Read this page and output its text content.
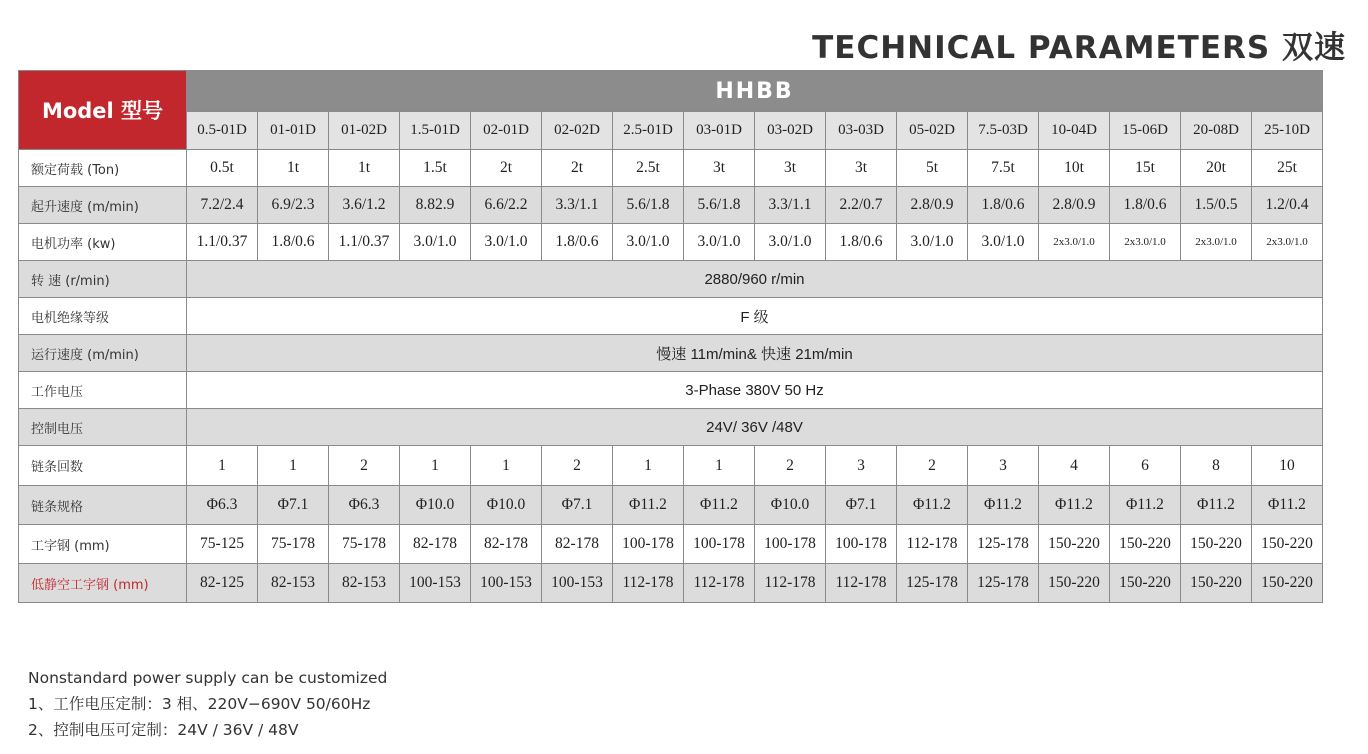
TECHNICAL PARAMETERS 双速
Model 型号	HHBB															
	0.5-01D	01-01D	01-02D	1.5-01D	02-01D	02-02D	2.5-01D	03-01D	03-02D	03-03D	05-02D	7.5-03D	10-04D	15-06D	20-08D	25-10D
额定荷载 (Ton)	0.5t	1t	1t	1.5t	2t	2t	2.5t	3t	3t	3t	5t	7.5t	10t	15t	20t	25t
起升速度 (m/min)	7.2/2.4	6.9/2.3	3.6/1.2	8.82.9	6.6/2.2	3.3/1.1	5.6/1.8	5.6/1.8	3.3/1.1	2.2/0.7	2.8/0.9	1.8/0.6	2.8/0.9	1.8/0.6	1.5/0.5	1.2/0.4
电机功率 (kw)	1.1/0.37	1.8/0.6	1.1/0.37	3.0/1.0	3.0/1.0	1.8/0.6	3.0/1.0	3.0/1.0	3.0/1.0	1.8/0.6	3.0/1.0	3.0/1.0	2x3.0/1.0	2x3.0/1.0	2x3.0/1.0	2x3.0/1.0
转 速 (r/min)	2880/960 r/min															
电机绝缘等级	F 级															
运行速度 (m/min)	慢速 11m/min& 快速 21m/min															
工作电压	3-Phase 380V 50 Hz															
控制电压	24V/ 36V /48V															
链条回数	1	1	2	1	1	2	1	1	2	3	2	3	4	6	8	10
链条规格	Φ6.3	Φ7.1	Φ6.3	Φ10.0	Φ10.0	Φ7.1	Φ11.2	Φ11.2	Φ10.0	Φ7.1	Φ11.2	Φ11.2	Φ11.2	Φ11.2	Φ11.2	Φ11.2
工字钢 (mm)	75-125	75-178	75-178	82-178	82-178	82-178	100-178	100-178	100-178	100-178	112-178	125-178	150-220	150-220	150-220	150-220
低静空工字钢 (mm)	82-125	82-153	82-153	100-153	100-153	100-153	112-178	112-178	112-178	112-178	125-178	125-178	150-220	150-220	150-220	150-220
Nonstandard power supply can be customized
1、工作电压定制：3 相、220V−690V 50/60Hz
2、控制电压可定制：24V / 36V / 48V
